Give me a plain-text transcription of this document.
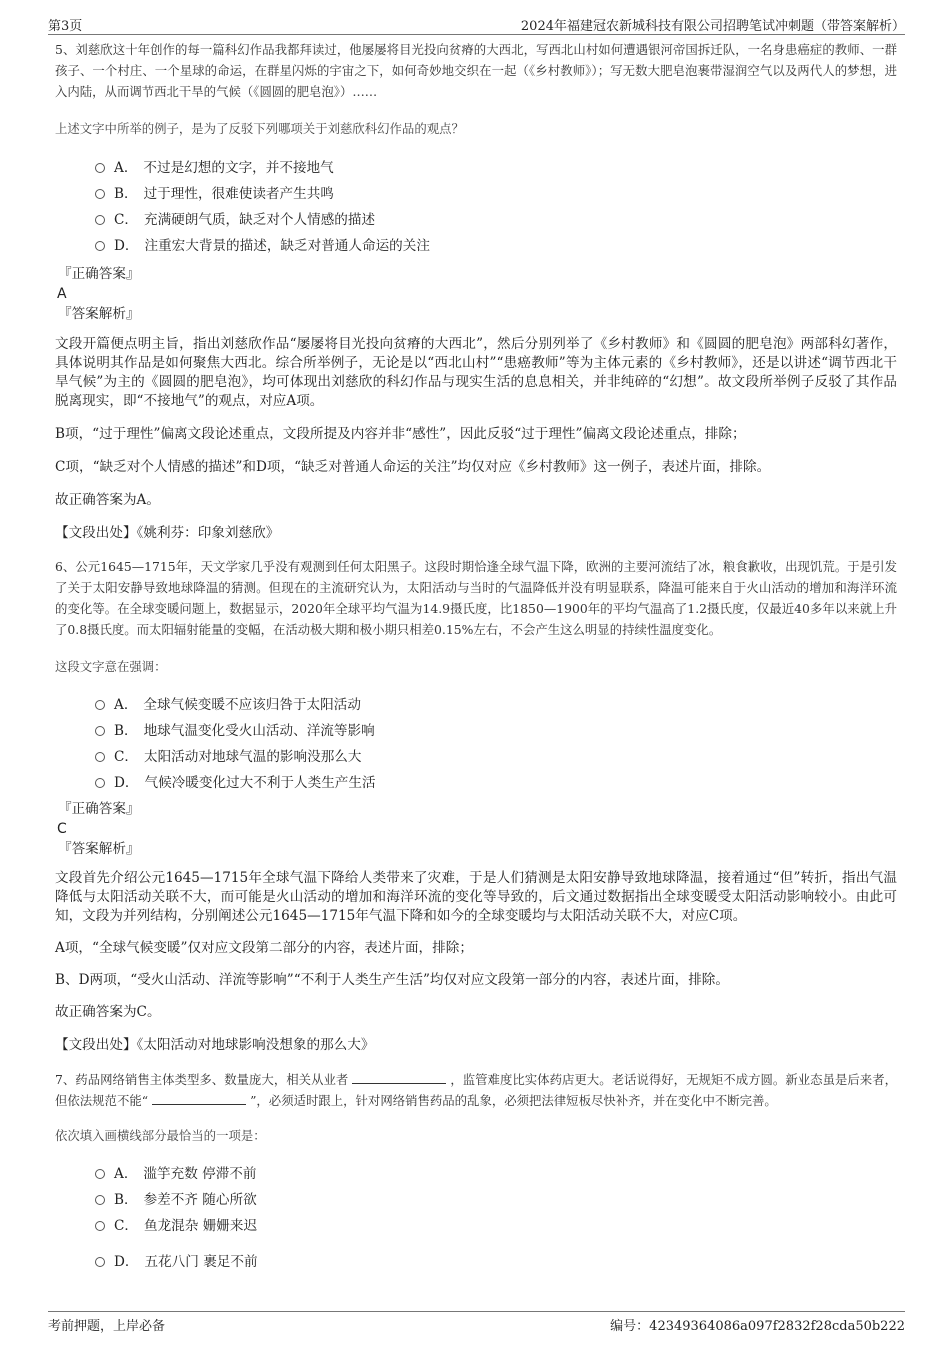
第3页	2024年福建冠农新城科技有限公司招聘笔试冲刺题（带答案解析）

5、刘慈欣这十年创作的每一篇科幻作品我都拜读过，他屡屡将目光投向贫瘠的大西北，写西北山村如何遭遇银河帝国拆迁队，一名身患癌症的教师、一群孩子、一个村庄、一个星球的命运，在群星闪烁的宇宙之下，如何奇妙地交织在一起（《乡村教师》）；写无数大肥皂泡裹带湿润空气以及两代人的梦想，进入内陆，从而调节西北干旱的气候（《圆圆的肥皂泡》）……

上述文字中所举的例子，是为了反驳下列哪项关于刘慈欣科幻作品的观点？

A． 不过是幻想的文字，并不接地气
B． 过于理性，很难使读者产生共鸣
C． 充满硬朗气质，缺乏对个人情感的描述
D． 注重宏大背景的描述，缺乏对普通人命运的关注

『正确答案』

A

『答案解析』

文段开篇便点明主旨，指出刘慈欣作品“屡屡将目光投向贫瘠的大西北”，然后分别列举了《乡村教师》和《圆圆的肥皂泡》两部科幻著作，具体说明其作品是如何聚焦大西北。综合所举例子，无论是以“西北山村”“患癌教师”等为主体元素的《乡村教师》，还是以讲述“调节西北干旱气候”为主的《圆圆的肥皂泡》，均可体现出刘慈欣的科幻作品与现实生活的息息相关，并非纯碎的“幻想”。故文段所举例子反驳了其作品脱离现实，即“不接地气”的观点，对应A项。

B项，“过于理性”偏离文段论述重点，文段所提及内容并非“感性”，因此反驳“过于理性”偏离文段论述重点，排除；

C项，“缺乏对个人情感的描述”和D项，“缺乏对普通人命运的关注”均仅对应《乡村教师》这一例子，表述片面，排除。

故正确答案为A。

【文段出处】《姚利芬：印象刘慈欣》

6、公元1645—1715年，天文学家几乎没有观测到任何太阳黑子。这段时期恰逢全球气温下降，欧洲的主要河流结了冰，粮食歉收，出现饥荒。于是引发了关于太阳安静导致地球降温的猜测。但现在的主流研究认为，太阳活动与当时的气温降低并没有明显联系，降温可能来自于火山活动的增加和海洋环流的变化等。在全球变暖问题上，数据显示，2020年全球平均气温为14.9摄氏度，比1850—1900年的平均气温高了1.2摄氏度，仅最近40多年以来就上升了0.8摄氏度。而太阳辐射能量的变幅，在活动极大期和极小期只相差0.15%左右，不会产生这么明显的持续性温度变化。

这段文字意在强调：

A． 全球气候变暖不应该归咎于太阳活动
B． 地球气温变化受火山活动、洋流等影响
C． 太阳活动对地球气温的影响没那么大
D． 气候冷暖变化过大不利于人类生产生活

『正确答案』

C

『答案解析』

文段首先介绍公元1645—1715年全球气温下降给人类带来了灾难，于是人们猜测是太阳安静导致地球降温，接着通过“但”转折，指出气温降低与太阳活动关联不大，而可能是火山活动的增加和海洋环流的变化等导致的，后文通过数据指出全球变暖受太阳活动影响较小。由此可知，文段为并列结构，分别阐述公元1645—1715年气温下降和如今的全球变暖均与太阳活动关联不大，对应C项。

A项，“全球气候变暖”仅对应文段第二部分的内容，表述片面，排除；

B、D两项，“受火山活动、洋流等影响”“不利于人类生产生活”均仅对应文段第一部分的内容，表述片面，排除。

故正确答案为C。

【文段出处】《太阳活动对地球影响没想象的那么大》

7、药品网络销售主体类型多、数量庞大，相关从业者	，监管难度比实体药店更大。老话说得好，无规矩不成方圆。新业态虽是后来者，但依法规范不能“	”，必须适时跟上，针对网络销售药品的乱象，必须把法律短板尽快补齐，并在变化中不断完善。

依次填入画横线部分最恰当的一项是：

A． 滥竽充数 停滞不前
B． 参差不齐 随心所欲
C． 鱼龙混杂 姗姗来迟
D． 五花八门 裹足不前
考前押题，上岸必备	编号：42349364086a097f2832f28cda50b222
